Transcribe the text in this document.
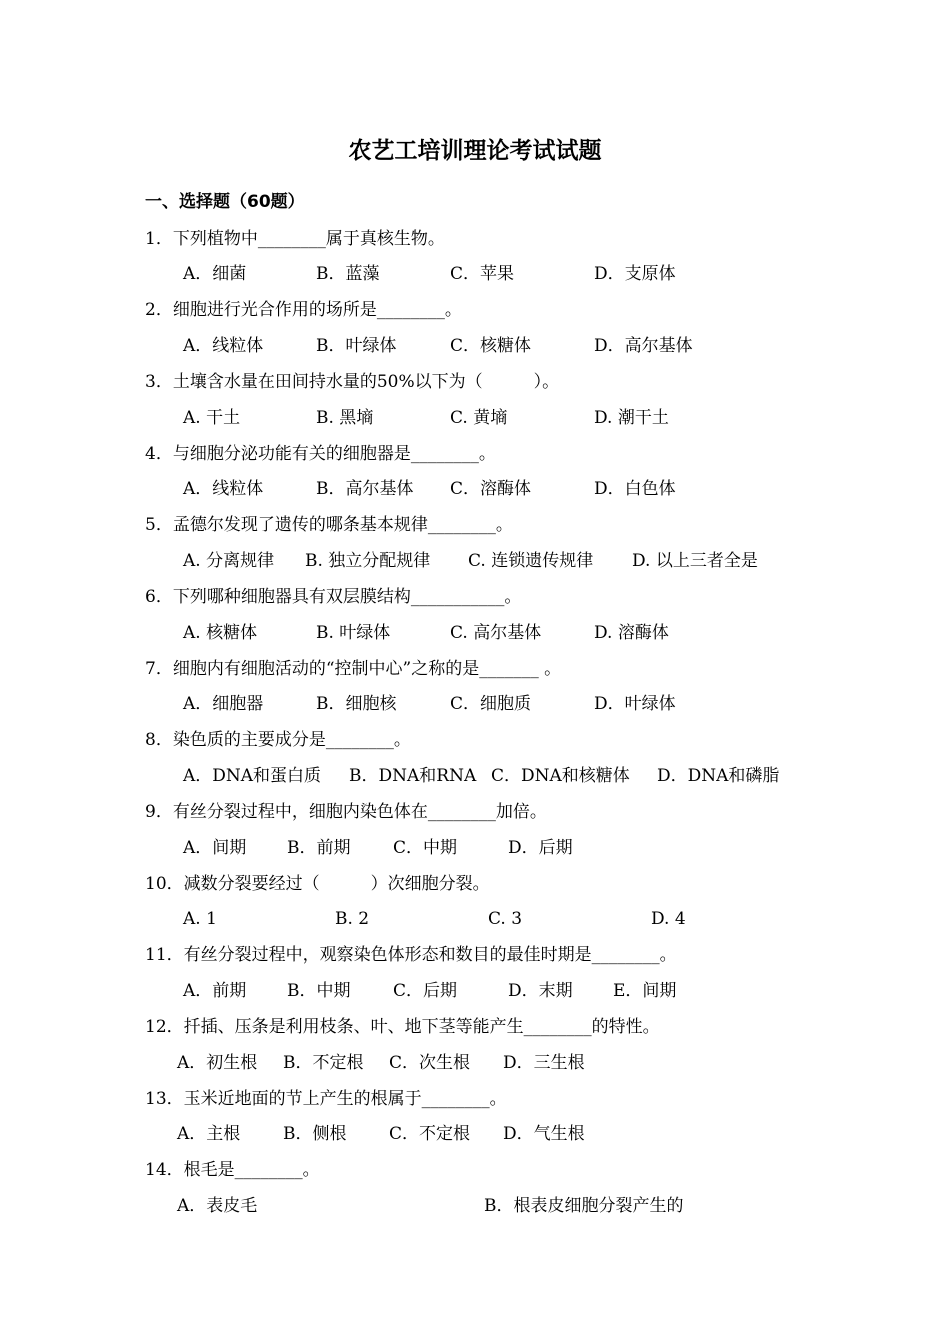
农艺工培训理论考试试题
一、选择题（60题）
1．下列植物中________属于真核生物。
A．细菌	B．蓝藻	C．苹果	D．支原体
2．细胞进行光合作用的场所是________。
A．线粒体	B．叶绿体	C．核糖体	D．高尔基体
3．土壤含水量在田间持水量的50%以下为（　　　）。
A. 干土	B. 黑墒	C. 黄墒	D. 潮干土
4．与细胞分泌功能有关的细胞器是________。
A．线粒体	B．高尔基体 C．溶酶体	D．白色体
5．孟德尔发现了遗传的哪条基本规律________。
A. 分离规律 B. 独立分配规律 C. 连锁遗传规律 D. 以上三者全是
6．下列哪种细胞器具有双层膜结构___________。
A. 核糖体	B. 叶绿体	C. 高尔基体	D. 溶酶体
7．细胞内有细胞活动的“控制中心”之称的是_______ 。
A．细胞器	B．细胞核	C．细胞质	D．叶绿体
8．染色质的主要成分是________。
A．DNA和蛋白质 B．DNA和RNA C．DNA和核糖体 D．DNA和磷脂
9．有丝分裂过程中，细胞内染色体在________加倍。
A．间期 B．前期	C．中期	D．后期
10．减数分裂要经过（　　　）次细胞分裂。
A. 1	B. 2	C. 3	D. 4
11．有丝分裂过程中，观察染色体形态和数目的最佳时期是________。
A．前期 B．中期	C．后期	D．末期 E．间期
12．扦插、压条是利用枝条、叶、地下茎等能产生________的特性。
A．初生根 B．不定根 C．次生根 D．三生根
13．玉米近地面的节上产生的根属于________。
A．主根	B．侧根	C．不定根 D．气生根
14．根毛是________。
A．表皮毛	B．根表皮细胞分裂产生的
